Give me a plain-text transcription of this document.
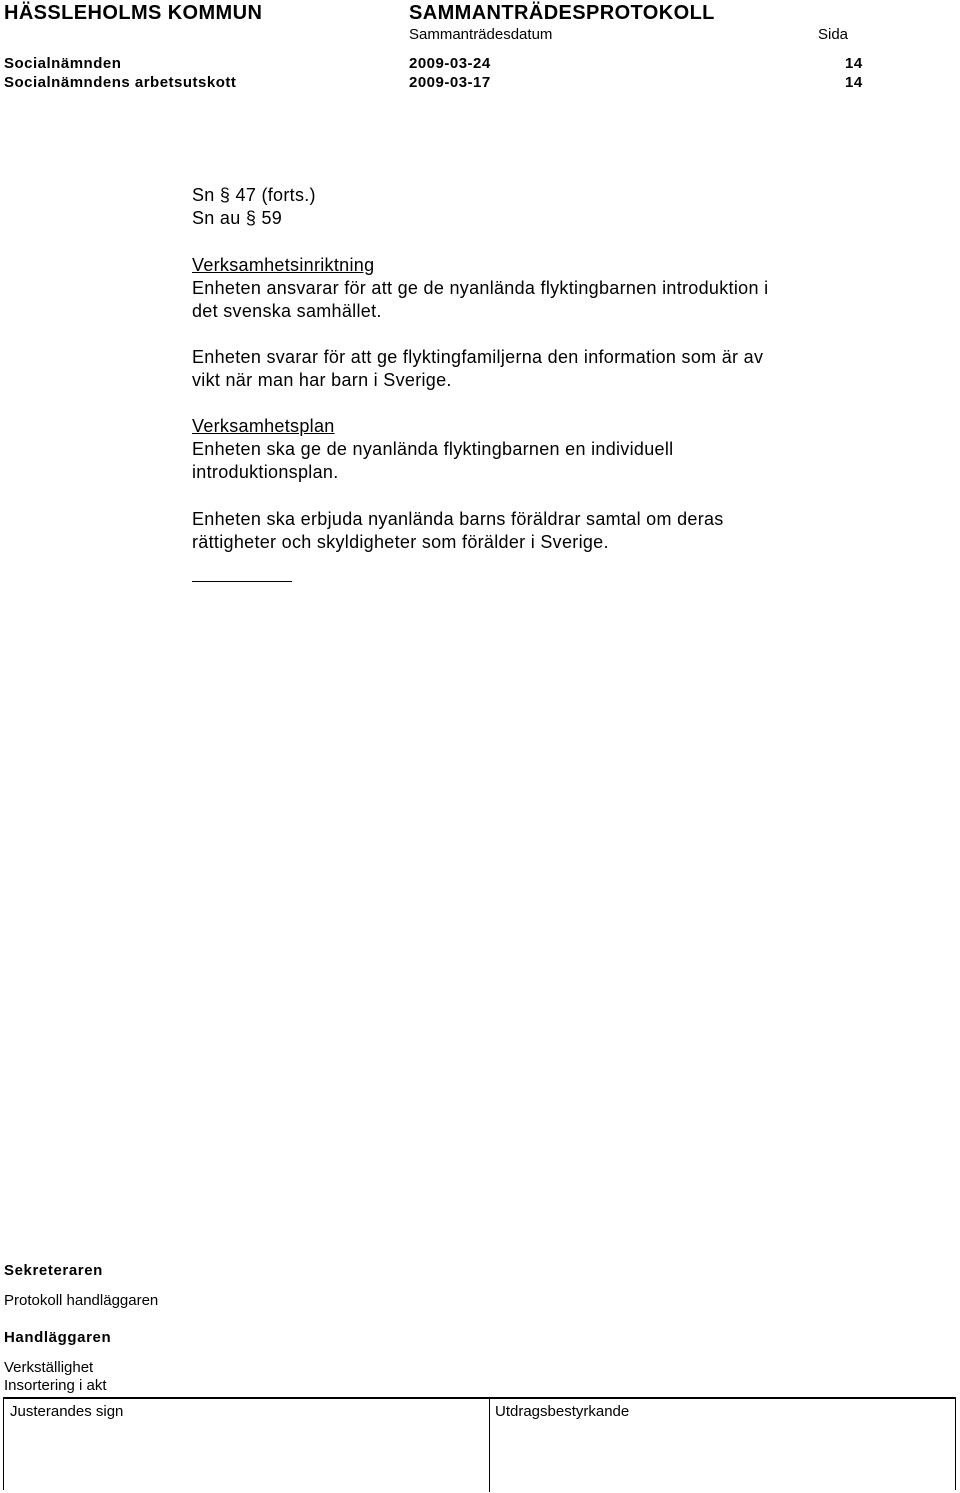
HÄSSLEHOLMS KOMMUN	SAMMANTRÄDESPROTOKOLL
Sammanträdesdatum	Sida
Socialnämnden	2009-03-24	14
Socialnämndens arbetsutskott	2009-03-17	14
Sn § 47 (forts.)
Sn au § 59
Verksamhetsinriktning
Enheten ansvarar för att ge de nyanlända flyktingbarnen introduktion i
det svenska samhället.
Enheten svarar för att ge flyktingfamiljerna den information som är av
vikt när man har barn i Sverige.
Verksamhetsplan
Enheten ska ge de nyanlända flyktingbarnen en individuell
introduktionsplan.
Enheten ska erbjuda nyanlända barns föräldrar samtal om deras
rättigheter och skyldigheter som förälder i Sverige.
Sekreteraren
Protokoll handläggaren
Handläggaren
Verkställighet
Insortering i akt
Justerandes sign	Utdragsbestyrkande
